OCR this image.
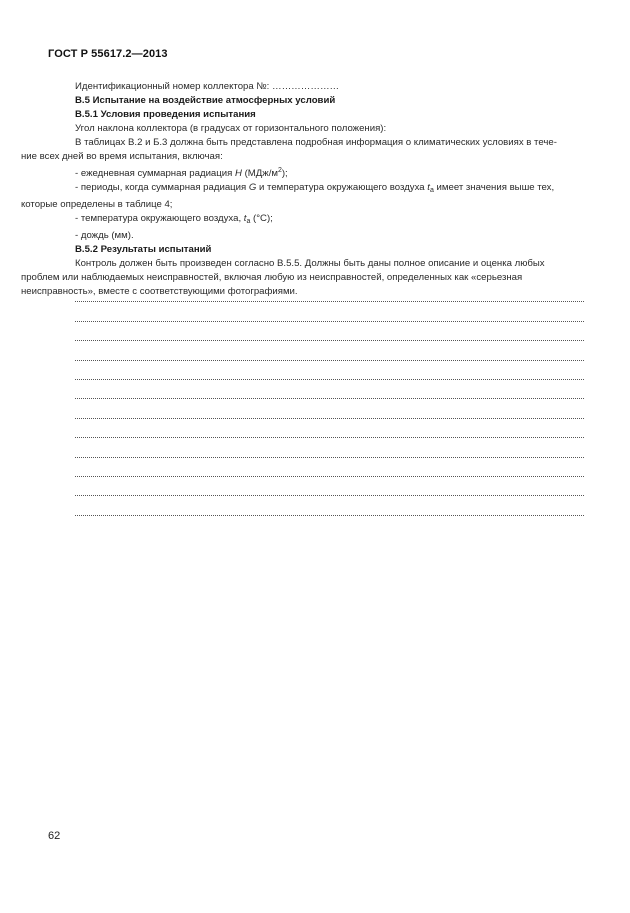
ГОСТ Р 55617.2—2013

Идентификационный номер коллектора №: …………………

В.5 Испытание на воздействие атмосферных условий

В.5.1 Условия проведения испытания

Угол наклона коллектора (в градусах от горизонтального положения):

В таблицах В.2 и Б.3 должна быть представлена подробная информация о климатических условиях в тече-
ние всех дней во время испытания, включая:

- ежедневная суммарная радиация H $(МДж/м^2)$;

- периоды, когда суммарная радиация G и температура окружающего воздуха $t_a$ имеет значения выше тех,
которые определены в таблице 4;

- температура окружающего воздуха, $t_a$ (°С);

- дождь (мм).

В.5.2 Результаты испытаний

Контроль должен быть произведен согласно В.5.5. Должны быть даны полное описание и оценка любых
проблем или наблюдаемых неисправностей, включая любую из неисправностей, определенных как «серьезная
неисправность», вместе с соответствующими фотографиями.

62
